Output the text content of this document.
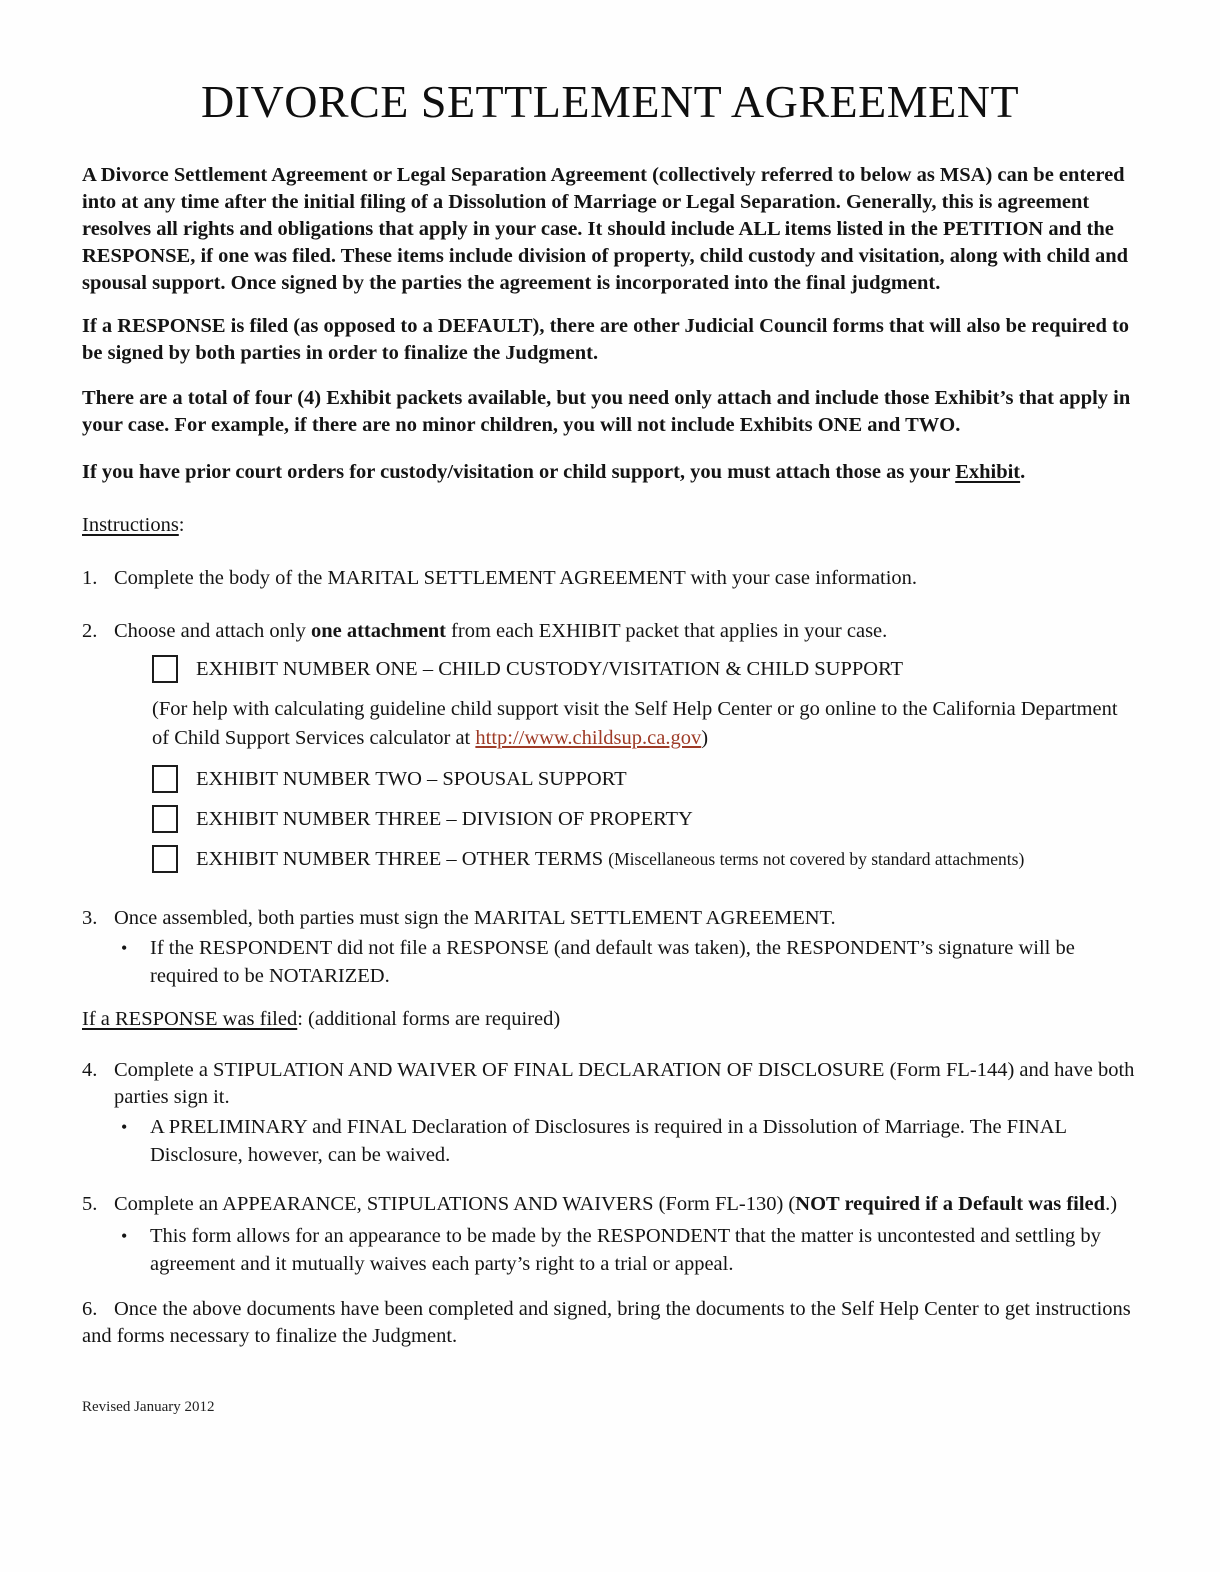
DIVORCE SETTLEMENT AGREEMENT

A Divorce Settlement Agreement or Legal Separation Agreement (collectively referred to below as MSA) can be entered into at any time after the initial filing of a Dissolution of Marriage or Legal Separation. Generally, this is agreement resolves all rights and obligations that apply in your case. It should include ALL items listed in the PETITION and the RESPONSE, if one was filed. These items include division of property, child custody and visitation, along with child and spousal support. Once signed by the parties the agreement is incorporated into the final judgment.

If a RESPONSE is filed (as opposed to a DEFAULT), there are other Judicial Council forms that will also be required to be signed by both parties in order to finalize the Judgment.

There are a total of four (4) Exhibit packets available, but you need only attach and include those Exhibit’s that apply in your case. For example, if there are no minor children, you will not include Exhibits ONE and TWO.

If you have prior court orders for custody/visitation or child support, you must attach those as your Exhibit.

Instructions:

1. Complete the body of the MARITAL SETTLEMENT AGREEMENT with your case information.

2. Choose and attach only one attachment from each EXHIBIT packet that applies in your case.

EXHIBIT NUMBER ONE – CHILD CUSTODY/VISITATION & CHILD SUPPORT

(For help with calculating guideline child support visit the Self Help Center or go online to the California Department of Child Support Services calculator at http://www.childsup.ca.gov)

EXHIBIT NUMBER TWO – SPOUSAL SUPPORT
EXHIBIT NUMBER THREE – DIVISION OF PROPERTY
EXHIBIT NUMBER THREE – OTHER TERMS (Miscellaneous terms not covered by standard attachments)

3. Once assembled, both parties must sign the MARITAL SETTLEMENT AGREEMENT.

•	If the RESPONDENT did not file a RESPONSE (and default was taken), the RESPONDENT’s signature will be required to be NOTARIZED.

If a RESPONSE was filed: (additional forms are required)

4. Complete a STIPULATION AND WAIVER OF FINAL DECLARATION OF DISCLOSURE (Form FL-144) and have both parties sign it.

•	A PRELIMINARY and FINAL Declaration of Disclosures is required in a Dissolution of Marriage. The FINAL Disclosure, however, can be waived.

5. Complete an APPEARANCE, STIPULATIONS AND WAIVERS (Form FL-130) (NOT required if a Default was filed.)

•	This form allows for an appearance to be made by the RESPONDENT that the matter is uncontested and settling by agreement and it mutually waives each party’s right to a trial or appeal.

6. Once the above documents have been completed and signed, bring the documents to the Self Help Center to get instructions and forms necessary to finalize the Judgment.

Revised January 2012
